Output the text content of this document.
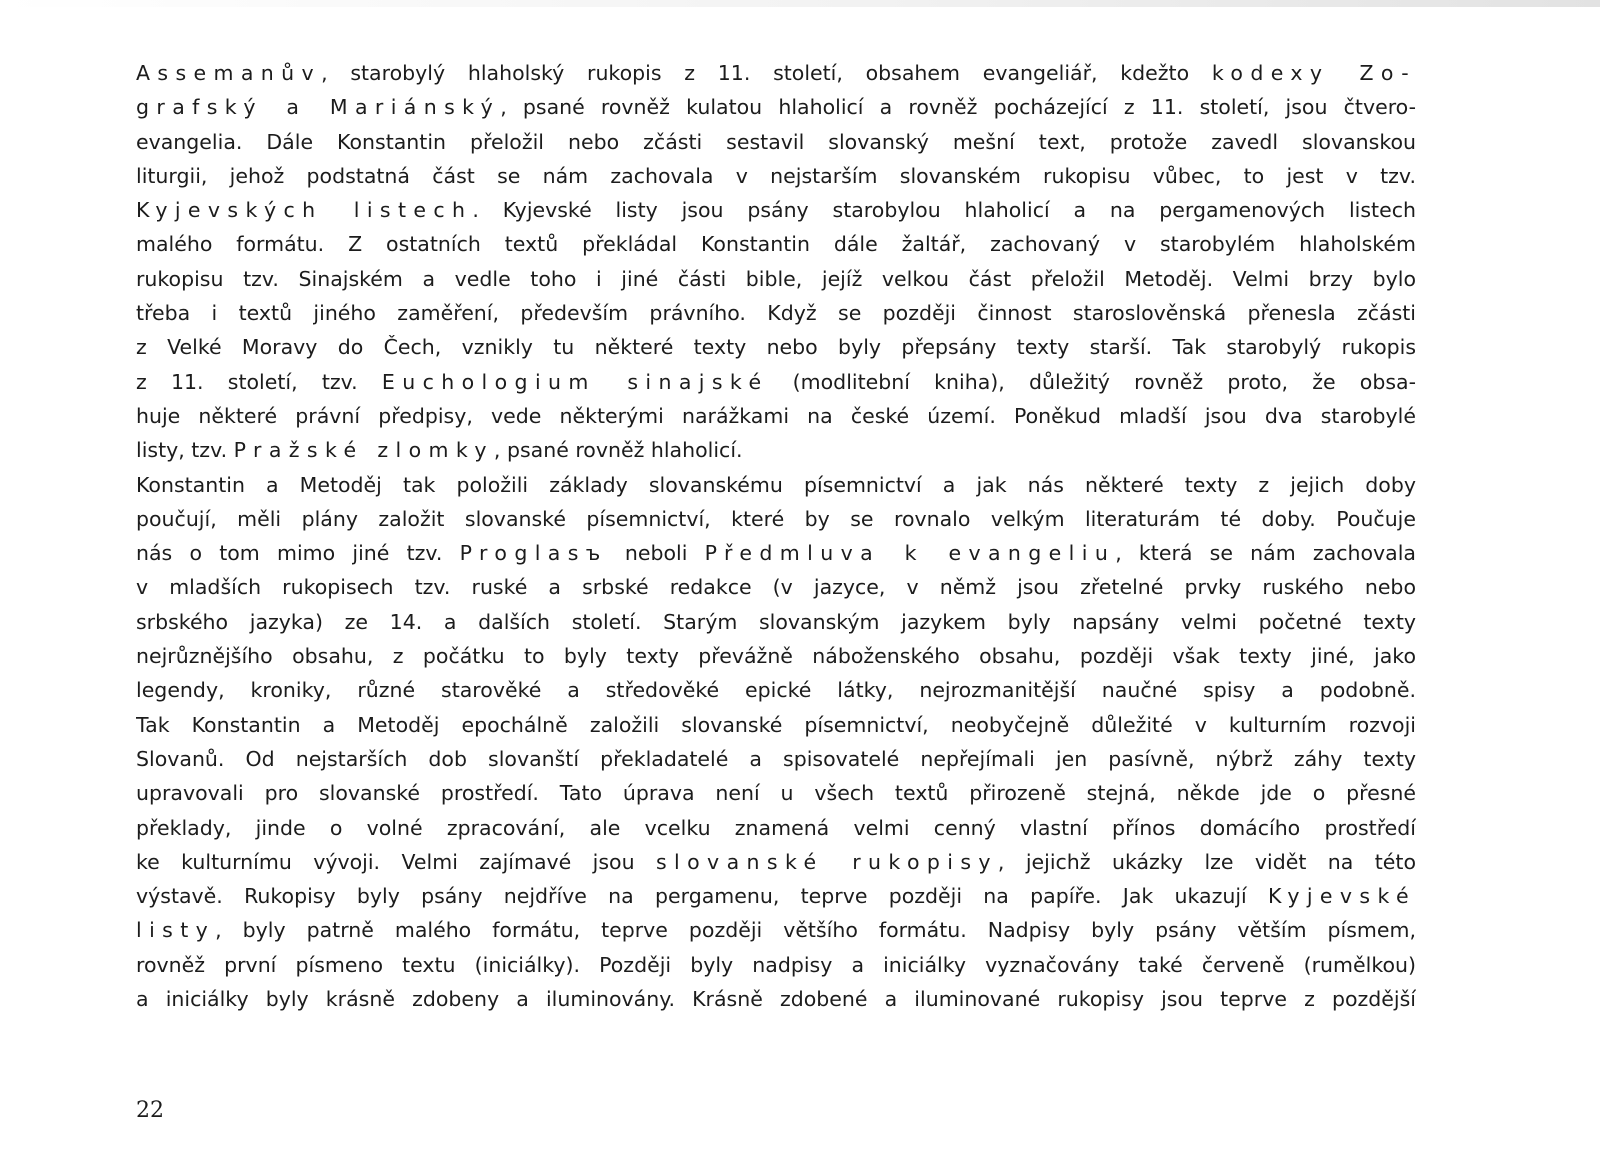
Assemanův, starobylý hlaholský rukopis z 11. století, obsahem evangeliář, kdežto kodexy Zo-
grafský a Mariánský, psané rovněž kulatou hlaholicí a rovněž pocházející z 11. století, jsou čtvero-
evangelia. Dále Konstantin přeložil nebo zčásti sestavil slovanský mešní text, protože zavedl slovanskou
liturgii, jehož podstatná část se nám zachovala v nejstarším slovanském rukopisu vůbec, to jest v tzv.
Kyjevských listech. Kyjevské listy jsou psány starobylou hlaholicí a na pergamenových listech
malého formátu. Z ostatních textů překládal Konstantin dále žaltář, zachovaný v starobylém hlaholském
rukopisu tzv. Sinajském a vedle toho i jiné části bible, jejíž velkou část přeložil Metoděj. Velmi brzy bylo
třeba i textů jiného zaměření, především právního. Když se později činnost staroslověnská přenesla zčásti
z Velké Moravy do Čech, vznikly tu některé texty nebo byly přepsány texty starší. Tak starobylý rukopis
z 11. století, tzv. Euchologium sinajské (modlitební kniha), důležitý rovněž proto, že obsa-
huje některé právní předpisy, vede některými narážkami na české území. Poněkud mladší jsou dva starobylé
listy, tzv. Pražské zlomky, psané rovněž hlaholicí.
Konstantin a Metoděj tak položili základy slovanskému písemnictví a jak nás některé texty z jejich doby
poučují, měli plány založit slovanské písemnictví, které by se rovnalo velkým literaturám té doby. Poučuje
nás o tom mimo jiné tzv. Proglasъ neboli Předmluva k evangeliu, která se nám zachovala
v mladších rukopisech tzv. ruské a srbské redakce (v jazyce, v němž jsou zřetelné prvky ruského nebo
srbského jazyka) ze 14. a dalších století. Starým slovanským jazykem byly napsány velmi početné texty
nejrůznějšího obsahu, z počátku to byly texty převážně náboženského obsahu, později však texty jiné, jako
legendy, kroniky, různé starověké a středověké epické látky, nejrozmanitější naučné spisy a podobně.
Tak Konstantin a Metoděj epochálně založili slovanské písemnictví, neobyčejně důležité v kulturním rozvoji
Slovanů. Od nejstarších dob slovanští překladatelé a spisovatelé nepřejímali jen pasívně, nýbrž záhy texty
upravovali pro slovanské prostředí. Tato úprava není u všech textů přirozeně stejná, někde jde o přesné
překlady, jinde o volné zpracování, ale vcelku znamená velmi cenný vlastní přínos domácího prostředí
ke kulturnímu vývoji. Velmi zajímavé jsou slovanské rukopisy, jejichž ukázky lze vidět na této
výstavě. Rukopisy byly psány nejdříve na pergamenu, teprve později na papíře. Jak ukazují Kyjevské
listy, byly patrně malého formátu, teprve později většího formátu. Nadpisy byly psány větším písmem,
rovněž první písmeno textu (iniciálky). Později byly nadpisy a iniciálky vyznačovány také červeně (rumělkou)
a iniciálky byly krásně zdobeny a iluminovány. Krásně zdobené a iluminované rukopisy jsou teprve z pozdější
22
